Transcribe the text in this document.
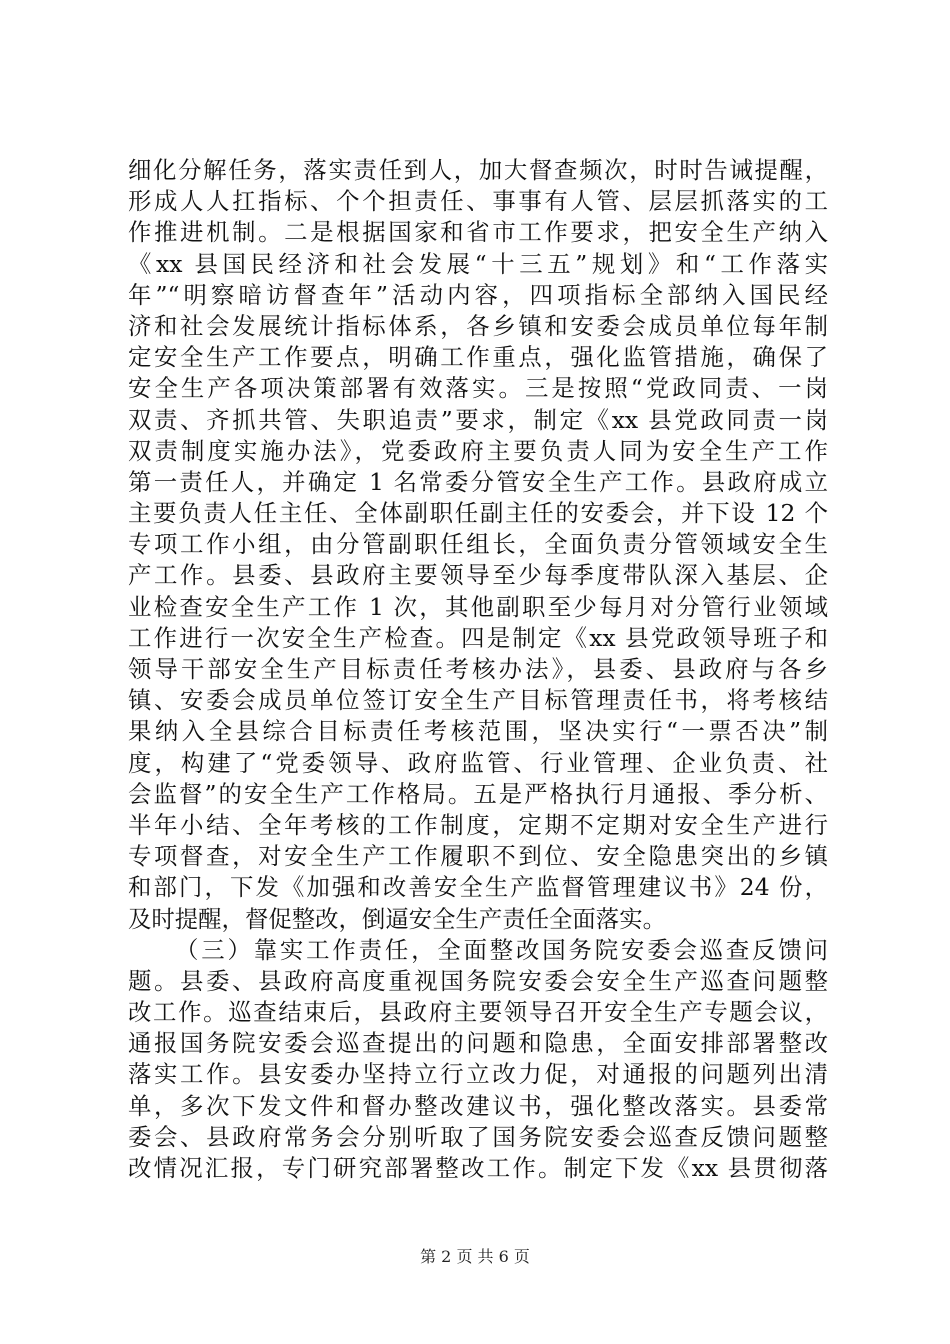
细化分解任务，落实责任到人，加大督查频次，时时告诫提醒，
形成人人扛指标、个个担责任、事事有人管、层层抓落实的工
作推进机制。二是根据国家和省市工作要求，把安全生产纳入
《xx 县国民经济和社会发展“十三五”规划》和“工作落实
年”“明察暗访督查年”活动内容，四项指标全部纳入国民经
济和社会发展统计指标体系，各乡镇和安委会成员单位每年制
定安全生产工作要点，明确工作重点，强化监管措施，确保了
安全生产各项决策部署有效落实。三是按照“党政同责、一岗
双责、齐抓共管、失职追责”要求，制定《xx 县党政同责一岗
双责制度实施办法》，党委政府主要负责人同为安全生产工作
第一责任人，并确定 1 名常委分管安全生产工作。县政府成立
主要负责人任主任、全体副职任副主任的安委会，并下设 12 个
专项工作小组，由分管副职任组长，全面负责分管领域安全生
产工作。县委、县政府主要领导至少每季度带队深入基层、企
业检查安全生产工作 1 次，其他副职至少每月对分管行业领域
工作进行一次安全生产检查。四是制定《xx 县党政领导班子和
领导干部安全生产目标责任考核办法》，县委、县政府与各乡
镇、安委会成员单位签订安全生产目标管理责任书，将考核结
果纳入全县综合目标责任考核范围，坚决实行“一票否决”制
度，构建了“党委领导、政府监管、行业管理、企业负责、社
会监督”的安全生产工作格局。五是严格执行月通报、季分析、
半年小结、全年考核的工作制度，定期不定期对安全生产进行
专项督查，对安全生产工作履职不到位、安全隐患突出的乡镇
和部门，下发《加强和改善安全生产监督管理建议书》24 份，
及时提醒，督促整改，倒逼安全生产责任全面落实。
（三）靠实工作责任，全面整改国务院安委会巡查反馈问
题。县委、县政府高度重视国务院安委会安全生产巡查问题整
改工作。巡查结束后，县政府主要领导召开安全生产专题会议，
通报国务院安委会巡查提出的问题和隐患，全面安排部署整改
落实工作。县安委办坚持立行立改力促，对通报的问题列出清
单，多次下发文件和督办整改建议书，强化整改落实。县委常
委会、县政府常务会分别听取了国务院安委会巡查反馈问题整
改情况汇报，专门研究部署整改工作。制定下发《xx 县贯彻落
第 2 页 共 6 页
